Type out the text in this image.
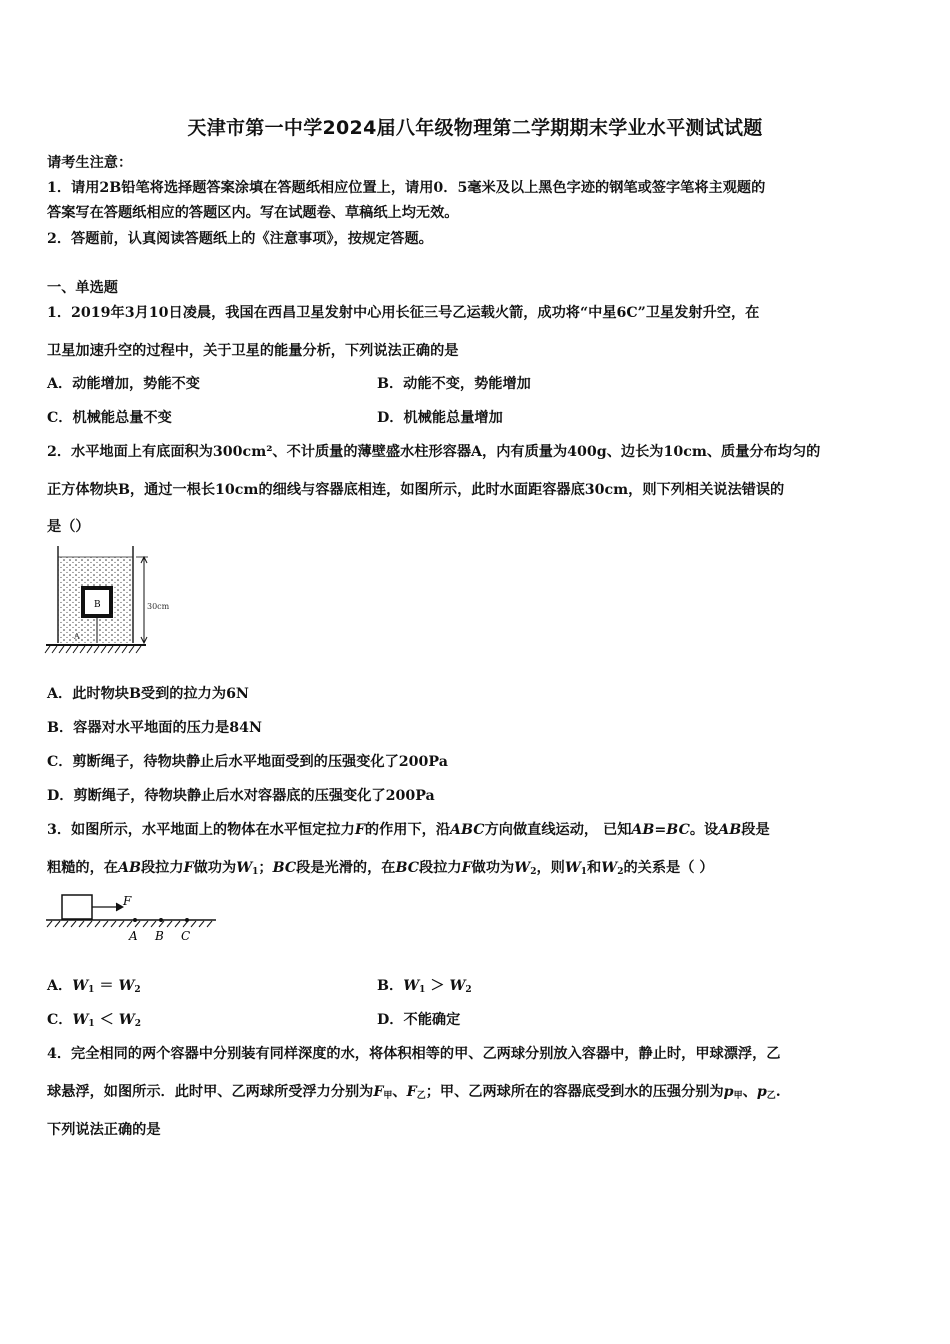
天津市第一中学2024届八年级物理第二学期期末学业水平测试试题
请考生注意：
1．请用2B铅笔将选择题答案涂填在答题纸相应位置上，请用0．5毫米及以上黑色字迹的钢笔或签字笔将主观题的
答案写在答题纸相应的答题区内。写在试题卷、草稿纸上均无效。
2．答题前，认真阅读答题纸上的《注意事项》，按规定答题。
一、单选题
1．2019年3月10日凌晨，我国在西昌卫星发射中心用长征三号乙运载火箭，成功将“中星6C”卫星发射升空，在
卫星加速升空的过程中，关于卫星的能量分析，下列说法正确的是
A．动能增加，势能不变	B．动能不变，势能增加
C．机械能总量不变	D．机械能总量增加
2．水平地面上有底面积为300cm²、不计质量的薄壁盛水柱形容器A，内有质量为400g、边长为10cm、质量分布均匀的
正方体物块B，通过一根长10cm的细线与容器底相连，如图所示，此时水面距容器底30cm，则下列相关说法错误的
是（）
B
A
30cm
A．此时物块B受到的拉力为6N
B．容器对水平地面的压力是84N
C．剪断绳子，待物块静止后水平地面受到的压强变化了200Pa
D．剪断绳子，待物块静止后水对容器底的压强变化了200Pa
3．如图所示，水平地面上的物体在水平恒定拉力F的作用下，沿ABC方向做直线运动， 已知AB=BC。设AB段是
粗糙的，在AB段拉力F做功为$W_1$；BC段是光滑的，在BC段拉力F做功为$W_2$，则$W_1$和$W_2$的关系是（ ）
F
A B C
A．$W_1 = W_2$	B．$W_1 > W_2$
C．$W_1 < W_2$	D．不能确定
4．完全相同的两个容器中分别装有同样深度的水，将体积相等的甲、乙两球分别放入容器中，静止时，甲球漂浮，乙
球悬浮，如图所示．此时甲、乙两球所受浮力分别为$F_甲$、$F_乙$；甲、乙两球所在的容器底受到水的压强分别为$p_甲$、$p_乙$.
下列说法正确的是
